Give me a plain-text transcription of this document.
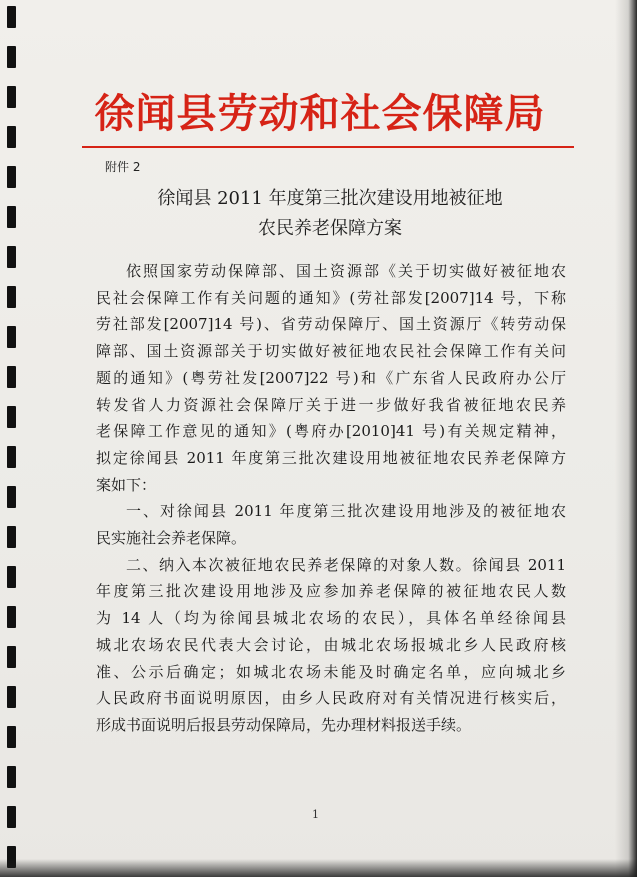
徐闻县劳动和社会保障局
附件 2
徐闻县 2011 年度第三批次建设用地被征地
农民养老保障方案
依照国家劳动保障部、国土资源部《关于切实做好被征地农
民社会保障工作有关问题的通知》(劳社部发[2007]14 号，下称
劳社部发[2007]14 号)、省劳动保障厅、国土资源厅《转劳动保
障部、国土资源部关于切实做好被征地农民社会保障工作有关问
题的通知》(粤劳社发[2007]22 号)和《广东省人民政府办公厅
转发省人力资源社会保障厅关于进一步做好我省被征地农民养
老保障工作意见的通知》(粤府办[2010]41 号)有关规定精神，
拟定徐闻县 2011 年度第三批次建设用地被征地农民养老保障方
案如下：
一、对徐闻县 2011 年度第三批次建设用地涉及的被征地农
民实施社会养老保障。
二、纳入本次被征地农民养老保障的对象人数。徐闻县 2011
年度第三批次建设用地涉及应参加养老保障的被征地农民人数
为 14 人（均为徐闻县城北农场的农民），具体名单经徐闻县
城北农场农民代表大会讨论，由城北农场报城北乡人民政府核
准、公示后确定；如城北农场未能及时确定名单，应向城北乡
人民政府书面说明原因，由乡人民政府对有关情况进行核实后，
形成书面说明后报县劳动保障局，先办理材料报送手续。
1
